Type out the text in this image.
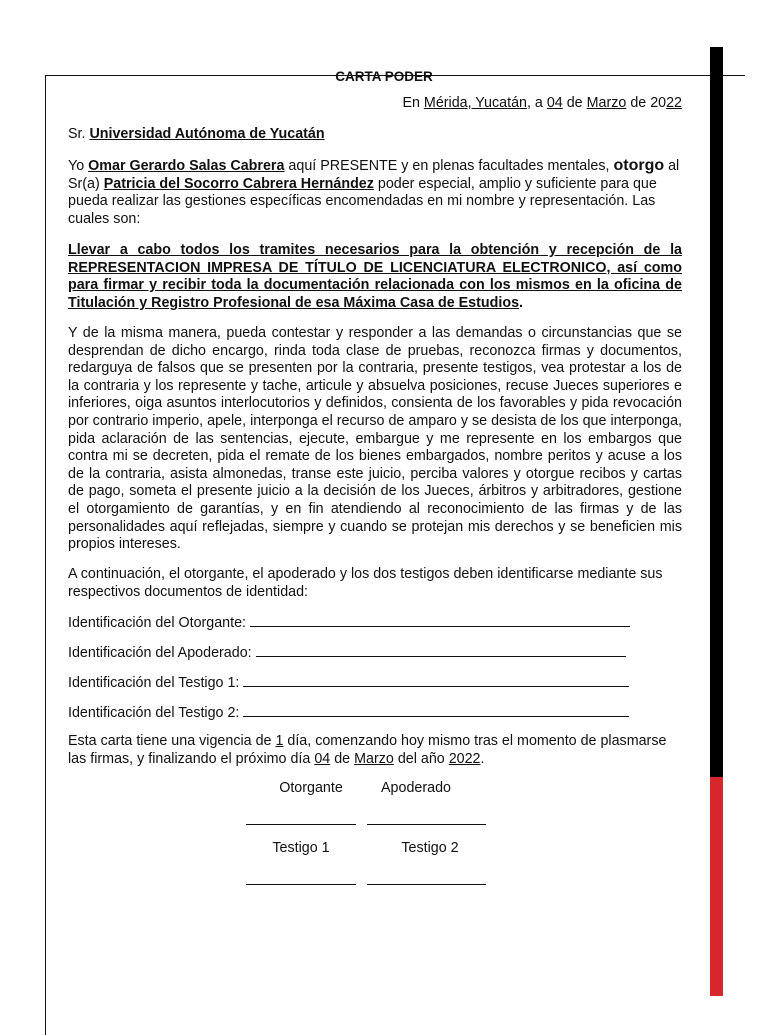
CARTA PODER
En Mérida, Yucatán, a 04 de Marzo de 2022
Sr. Universidad Autónoma de Yucatán
Yo Omar Gerardo Salas Cabrera aquí PRESENTE y en plenas facultades mentales, otorgo al Sr(a) Patricia del Socorro Cabrera Hernández poder especial, amplio y suficiente para que pueda realizar las gestiones específicas encomendadas en mi nombre y representación. Las cuales son:
Llevar a cabo todos los tramites necesarios para la obtención y recepción de la REPRESENTACION IMPRESA DE TÍTULO DE LICENCIATURA ELECTRONICO, así como para firmar y recibir toda la documentación relacionada con los mismos en la oficina de Titulación y Registro Profesional de esa Máxima Casa de Estudios.
Y de la misma manera, pueda contestar y responder a las demandas o circunstancias que se desprendan de dicho encargo, rinda toda clase de pruebas, reconozca firmas y documentos, redarguya de falsos que se presenten por la contraria, presente testigos, vea protestar a los de la contraria y los represente y tache, articule y absuelva posiciones, recuse Jueces superiores e inferiores, oiga asuntos interlocutorios y definidos, consienta de los favorables y pida revocación por contrario imperio, apele, interponga el recurso de amparo y se desista de los que interponga, pida aclaración de las sentencias, ejecute, embargue y me represente en los embargos que contra mi se decreten, pida el remate de los bienes embargados, nombre peritos y acuse a los de la contraria, asista almonedas, transe este juicio, perciba valores y otorgue recibos y cartas de pago, someta el presente juicio a la decisión de los Jueces, árbitros y arbitradores, gestione el otorgamiento de garantías, y en fin atendiendo al reconocimiento de las firmas y de las personalidades aquí reflejadas, siempre y cuando se protejan mis derechos y se beneficien mis propios intereses.
A continuación, el otorgante, el apoderado y los dos testigos deben identificarse mediante sus respectivos documentos de identidad:
Identificación del Otorgante:
Identificación del Apoderado:
Identificación del Testigo 1:
Identificación del Testigo 2:
Esta carta tiene una vigencia de 1 día, comenzando hoy mismo tras el momento de plasmarse las firmas, y finalizando el próximo día 04 de Marzo del año 2022.
Otorgante	Apoderado
Testigo 1	Testigo 2
